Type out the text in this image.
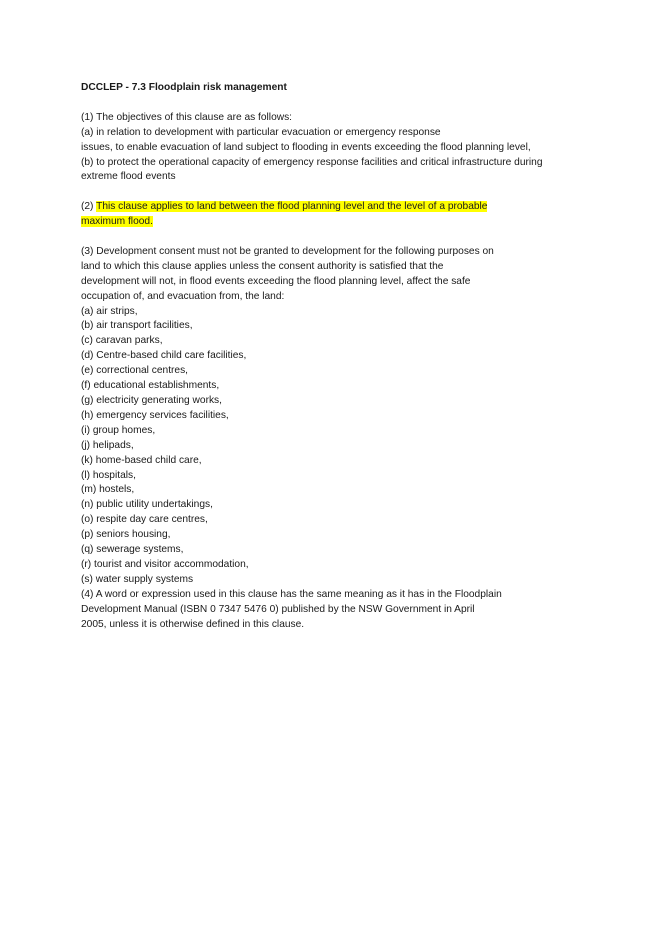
DCCLEP - 7.3 Floodplain risk management

(1) The objectives of this clause are as follows:

(a) in relation to development with particular evacuation or emergency response

issues, to enable evacuation of land subject to flooding in events exceeding the flood planning level,

(b) to protect the operational capacity of emergency response facilities and critical infrastructure during

extreme flood events

(2) This clause applies to land between the flood planning level and the level of a probable

maximum flood.

(3) Development consent must not be granted to development for the following purposes on

land to which this clause applies unless the consent authority is satisfied that the

development will not, in flood events exceeding the flood planning level, affect the safe

occupation of, and evacuation from, the land:

(a) air strips,

(b) air transport facilities,

(c) caravan parks,

(d) Centre-based child care facilities,

(e) correctional centres,

(f) educational establishments,

(g) electricity generating works,

(h) emergency services facilities,

(i) group homes,

(j) helipads,

(k) home-based child care,

(l) hospitals,

(m) hostels,

(n) public utility undertakings,

(o) respite day care centres,

(p) seniors housing,

(q) sewerage systems,

(r) tourist and visitor accommodation,

(s) water supply systems

(4) A word or expression used in this clause has the same meaning as it has in the Floodplain

Development Manual (ISBN 0 7347 5476 0) published by the NSW Government in April

2005, unless it is otherwise defined in this clause.
